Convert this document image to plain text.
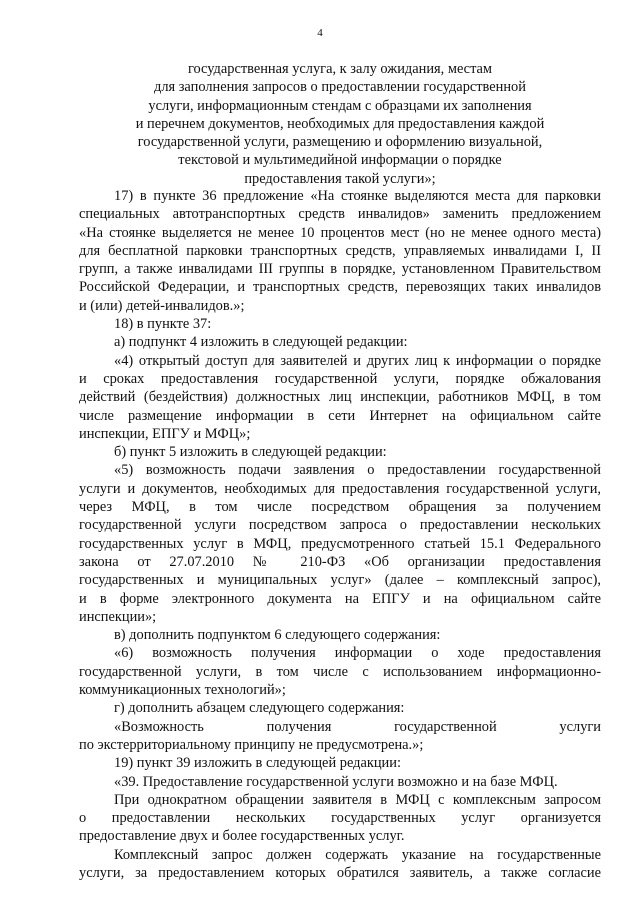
4
государственная услуга, к залу ожидания, местам
для заполнения запросов о предоставлении государственной
услуги, информационным стендам с образцами их заполнения
и перечнем документов, необходимых для предоставления каждой
государственной услуги, размещению и оформлению визуальной,
текстовой и мультимедийной информации о порядке
предоставления такой услуги»;
17) в пункте 36 предложение «На стоянке выделяются места для парковки
специальных автотранспортных средств инвалидов» заменить предложением
«На стоянке выделяется не менее 10 процентов мест (но не менее одного места)
для бесплатной парковки транспортных средств, управляемых инвалидами I, II
групп, а также инвалидами III группы в порядке, установленном Правительством
Российской Федерации, и транспортных средств, перевозящих таких инвалидов
и (или) детей-инвалидов.»;
18) в пункте 37:
а) подпункт 4 изложить в следующей редакции:
«4) открытый доступ для заявителей и других лиц к информации о порядке
и сроках предоставления государственной услуги, порядке обжалования
действий (бездействия) должностных лиц инспекции, работников МФЦ, в том
числе размещение информации в сети Интернет на официальном сайте
инспекции, ЕПГУ и МФЦ»;
б) пункт 5 изложить в следующей редакции:
«5) возможность подачи заявления о предоставлении государственной
услуги и документов, необходимых для предоставления государственной услуги,
через МФЦ, в том числе посредством обращения за получением
государственной услуги посредством запроса о предоставлении нескольких
государственных услуг в МФЦ, предусмотренного статьей 15.1 Федерального
закона от 27.07.2010 № 210-ФЗ «Об организации предоставления
государственных и муниципальных услуг» (далее – комплексный запрос),
и в форме электронного документа на ЕПГУ и на официальном сайте
инспекции»;
в) дополнить подпунктом 6 следующего содержания:
«6) возможность получения информации о ходе предоставления
государственной услуги, в том числе с использованием информационно-
коммуникационных технологий»;
г) дополнить абзацем следующего содержания:
«Возможность получения государственной услуги
по экстерриториальному принципу не предусмотрена.»;
19) пункт 39 изложить в следующей редакции:
«39. Предоставление государственной услуги возможно и на базе МФЦ.
При однократном обращении заявителя в МФЦ с комплексным запросом
о предоставлении нескольких государственных услуг организуется
предоставление двух и более государственных услуг.
Комплексный запрос должен содержать указание на государственные
услуги, за предоставлением которых обратился заявитель, а также согласие
